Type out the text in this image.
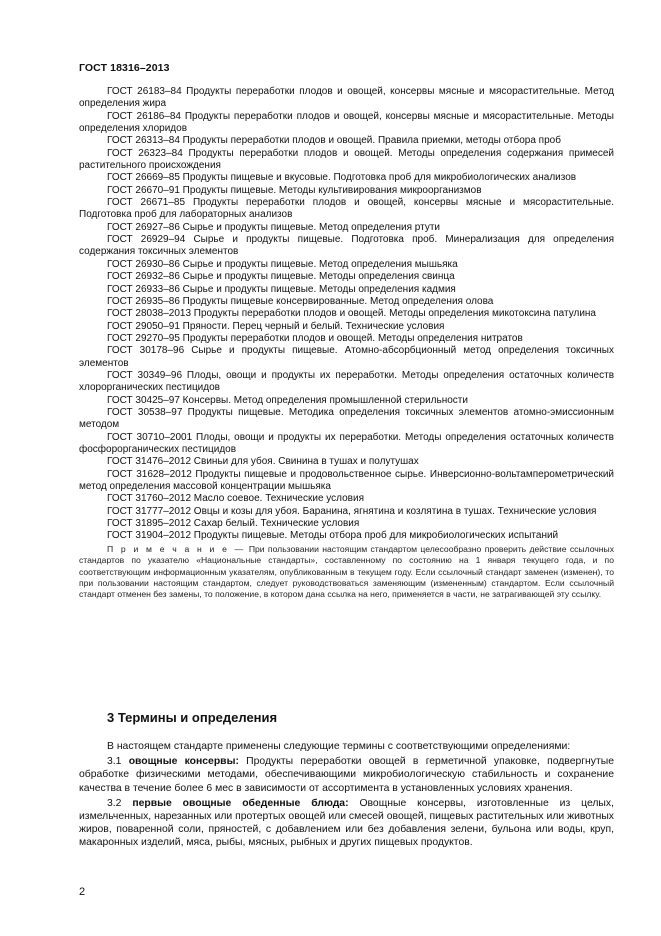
ГОСТ 18316–2013

ГОСТ 26183–84 Продукты переработки плодов и овощей, консервы мясные и мясорастительные. Метод определения жира

ГОСТ 26186–84 Продукты переработки плодов и овощей, консервы мясные и мясорастительные. Методы определения хлоридов

ГОСТ 26313–84 Продукты переработки плодов и овощей. Правила приемки, методы отбора проб

ГОСТ 26323–84 Продукты переработки плодов и овощей. Методы определения содержания примесей растительного происхождения

ГОСТ 26669–85 Продукты пищевые и вкусовые. Подготовка проб для микробиологических анализов

ГОСТ 26670–91 Продукты пищевые. Методы культивирования микроорганизмов

ГОСТ 26671–85 Продукты переработки плодов и овощей, консервы мясные и мясорастительные. Подготовка проб для лабораторных анализов

ГОСТ 26927–86 Сырье и продукты пищевые. Метод определения ртути

ГОСТ 26929–94 Сырье и продукты пищевые. Подготовка проб. Минерализация для определения содержания токсичных элементов

ГОСТ 26930–86 Сырье и продукты пищевые. Метод определения мышьяка

ГОСТ 26932–86 Сырье и продукты пищевые. Методы определения свинца

ГОСТ 26933–86 Сырье и продукты пищевые. Методы определения кадмия

ГОСТ 26935–86 Продукты пищевые консервированные. Метод определения олова

ГОСТ 28038–2013 Продукты переработки плодов и овощей. Методы определения микотоксина патулина

ГОСТ 29050–91 Пряности. Перец черный и белый. Технические условия

ГОСТ 29270–95 Продукты переработки плодов и овощей. Методы определения нитратов

ГОСТ 30178–96 Сырье и продукты пищевые. Атомно-абсорбционный метод определения токсичных элементов

ГОСТ 30349–96 Плоды, овощи и продукты их переработки. Методы определения остаточных количеств хлорорганических пестицидов

ГОСТ 30425–97 Консервы. Метод определения промышленной стерильности

ГОСТ 30538–97 Продукты пищевые. Методика определения токсичных элементов атомно-эмиссионным методом

ГОСТ 30710–2001 Плоды, овощи и продукты их переработки. Методы определения остаточных количеств фосфорорганических пестицидов

ГОСТ 31476–2012 Свиньи для убоя. Свинина в тушах и полутушах

ГОСТ 31628–2012 Продукты пищевые и продовольственное сырье. Инверсионно-вольтамперометрический метод определения массовой концентрации мышьяка

ГОСТ 31760–2012 Масло соевое. Технические условия

ГОСТ 31777–2012 Овцы и козы для убоя. Баранина, ягнятина и козлятина в тушах. Технические условия

ГОСТ 31895–2012 Сахар белый. Технические условия

ГОСТ 31904–2012 Продукты пищевые. Методы отбора проб для микробиологических испытаний

П р и м е ч а н и е — При пользовании настоящим стандартом целесообразно проверить действие ссылочных стандартов по указателю «Национальные стандарты», составленному по состоянию на 1 января текущего года, и по соответствующим информационным указателям, опубликованным в текущем году. Если ссылочный стандарт заменен (изменен), то при пользовании настоящим стандартом, следует руководствоваться заменяющим (измененным) стандартом. Если ссылочный стандарт отменен без замены, то положение, в котором дана ссылка на него, применяется в части, не затрагивающей эту ссылку.

3 Термины и определения

В настоящем стандарте применены следующие термины с соответствующими определениями:

3.1 овощные консервы: Продукты переработки овощей в герметичной упаковке, подвергнутые обработке физическими методами, обеспечивающими микробиологическую стабильность и сохранение качества в течение более 6 мес в зависимости от ассортимента в установленных условиях хранения.

3.2 первые овощные обеденные блюда: Овощные консервы, изготовленные из целых, измельченных, нарезанных или протертых овощей или смесей овощей, пищевых растительных или животных жиров, поваренной соли, пряностей, с добавлением или без добавления зелени, бульона или воды, круп, макаронных изделий, мяса, рыбы, мясных, рыбных и других пищевых продуктов.

2
